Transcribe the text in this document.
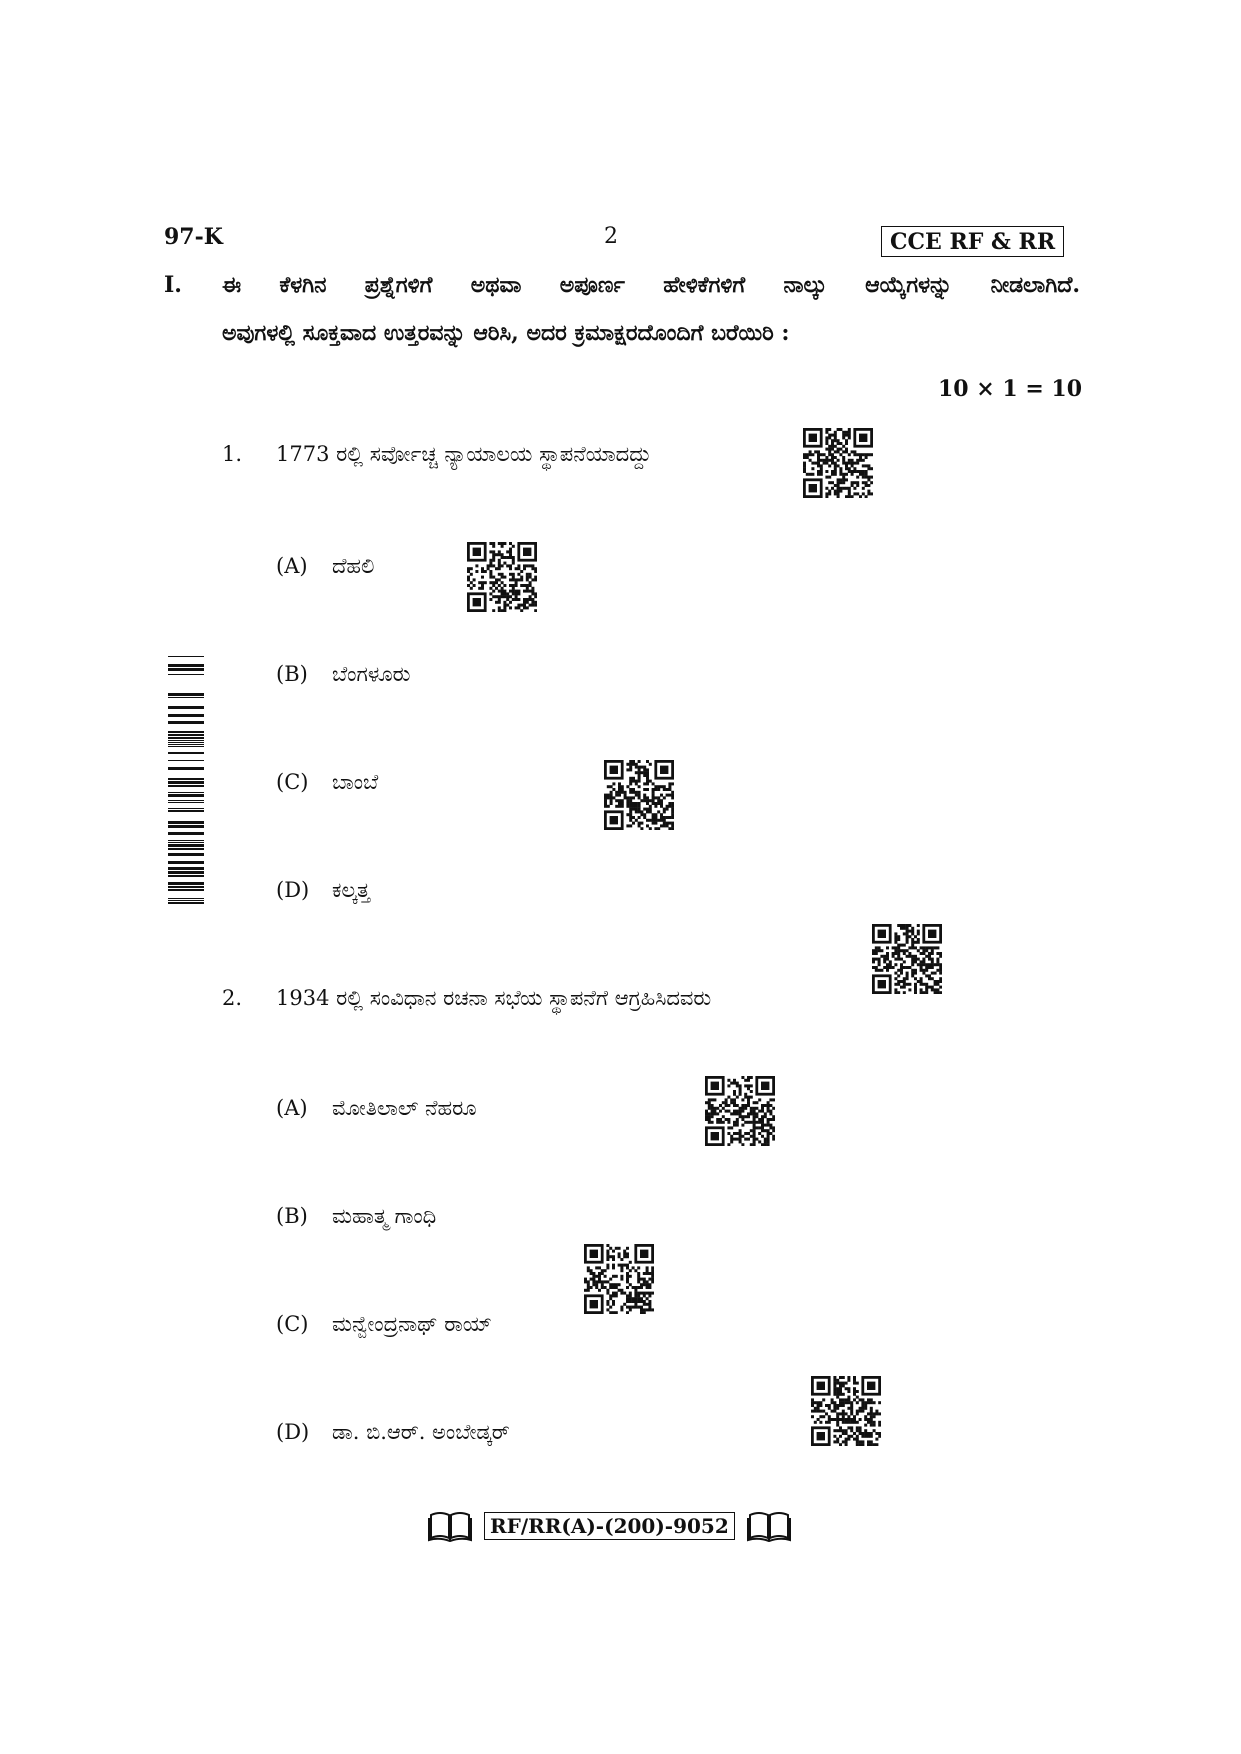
97-K	2	CCE RF & RR
I. ಈ ಕೆಳಗಿನ ಪ್ರಶ್ನೆಗಳಿಗೆ ಅಥವಾ ಅಪೂರ್ಣ ಹೇಳಿಕೆಗಳಿಗೆ ನಾಲ್ಕು ಆಯ್ಕೆಗಳನ್ನು ನೀಡಲಾಗಿದೆ.
ಅವುಗಳಲ್ಲಿ ಸೂಕ್ತವಾದ ಉತ್ತರವನ್ನು ಆರಿಸಿ, ಅದರ ಕ್ರಮಾಕ್ಷರದೊಂದಿಗೆ ಬರೆಯಿರಿ :
10 × 1 = 10
1. 1773 ರಲ್ಲಿ ಸರ್ವೋಚ್ಚ ನ್ಯಾಯಾಲಯ ಸ್ಥಾಪನೆಯಾದದ್ದು
(A) ದೆಹಲಿ
(B) ಬೆಂಗಳೂರು
(C) ಬಾಂಬೆ
(D) ಕಲ್ಕತ್ತ
2. 1934 ರಲ್ಲಿ ಸಂವಿಧಾನ ರಚನಾ ಸಭೆಯ ಸ್ಥಾಪನೆಗೆ ಆಗ್ರಹಿಸಿದವರು
(A) ಮೋತಿಲಾಲ್ ನೆಹರೂ
(B) ಮಹಾತ್ಮ ಗಾಂಧಿ
(C) ಮನ್ವೇಂದ್ರನಾಥ್ ರಾಯ್
(D) ಡಾ. ಬಿ.ಆರ್. ಅಂಬೇಡ್ಕರ್
RF/RR(A)-(200)-9052
